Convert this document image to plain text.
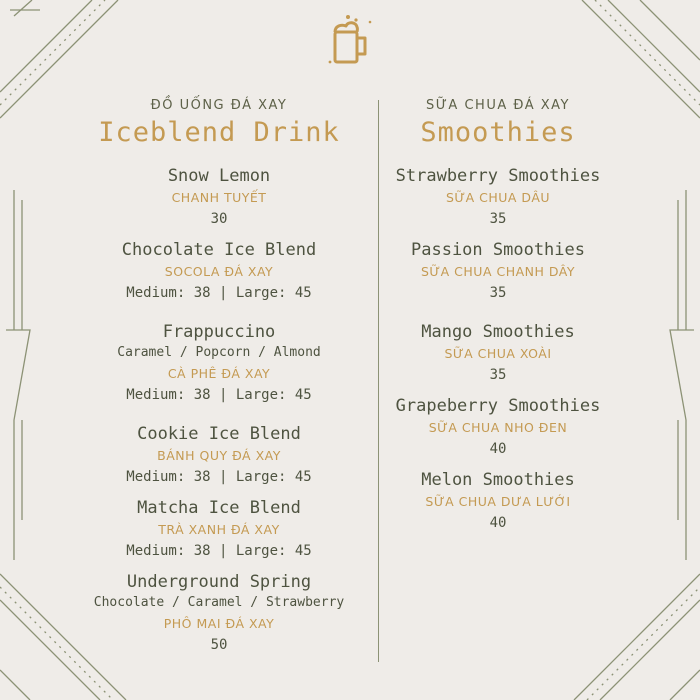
ĐỒ UỐNG ĐÁ XAY
Iceblend Drink
Snow Lemon
CHANH TUYẾT
30
Chocolate Ice Blend
SOCOLA ĐÁ XAY
Medium: 38 | Large: 45
Frappuccino
Caramel / Popcorn / Almond
CÀ PHÊ ĐÁ XAY
Medium: 38 | Large: 45
Cookie Ice Blend
BÁNH QUY ĐÁ XAY
Medium: 38 | Large: 45
Matcha Ice Blend
TRÀ XANH ĐÁ XAY
Medium: 38 | Large: 45
Underground Spring
Chocolate / Caramel / Strawberry
PHÔ MAI ĐÁ XAY
50
SỮA CHUA ĐÁ XAY
Smoothies
Strawberry Smoothies
SỮA CHUA DÂU
35
Passion Smoothies
SỮA CHUA CHANH DÂY
35
Mango Smoothies
SỮA CHUA XOÀI
35
Grapeberry Smoothies
SỮA CHUA NHO ĐEN
40
Melon Smoothies
SỮA CHUA DƯA LƯỚI
40
